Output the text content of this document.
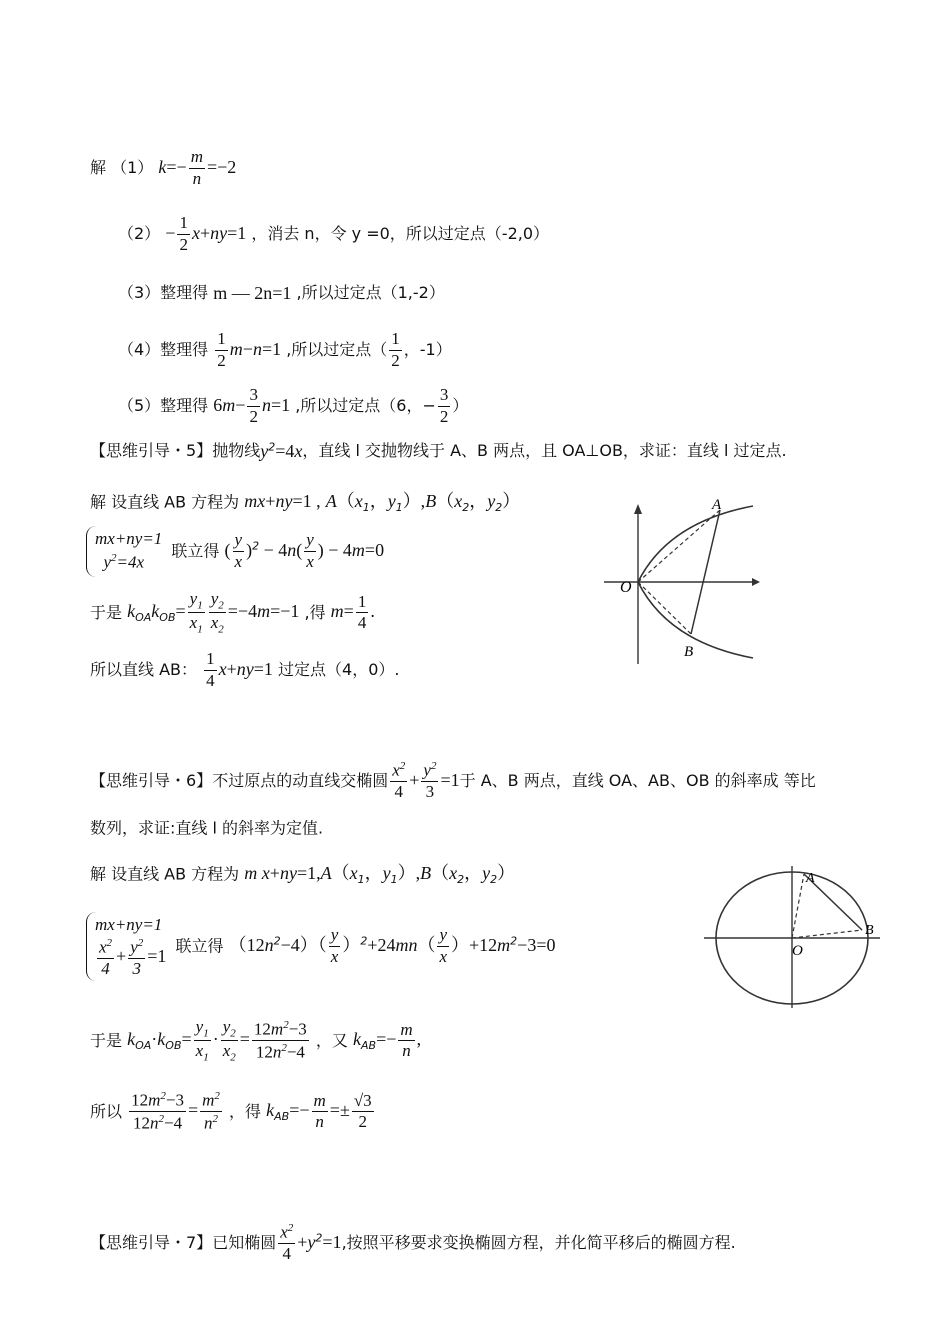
解 （1） $k=- \frac{m}{n} =-2$
$(2) - \frac{1}{2} x+ny=1$ ，消去 n，令 y =0，所以过定点（-2,0）
（3）整理得 m — 2n=1 ,所以过定点（1,-2）
（4）整理得 $\frac{1}{2} m-n=1$ ,所以过定点（ $\frac{1}{2}$ ，-1）
（5）整理得 $6m- \frac{3}{2} n=1$ ,所以过定点（6，− $\frac{3}{2}$ ）
【思维引导・5】抛物线$y^2=4x$，直线 l 交抛物线于 A、B 两点，且 OA⊥OB，求证：直线 l 过定点.
解 设直线 AB 方程为 mx+ny=1 , $A(x_1$，$y_1),B(x_2$，$y_2$）
mx+ny=1
$y^2=4x$
联立得 ( $\frac{y}{x} )^2 - 4n( \frac{y}{x}$ ) − 4m=0
于是 $k_{OA}k_{OB}= \frac{y_1}{x_1} \frac{y_2}{x_2} =-4m=-1$ ,得 $m= \frac{1}{4}$ .
所以直线 AB： $\frac{1}{4} x+ny=1$ 过定点（4，0）.
A
B
O
【思维引导・6】不过原点的动直线交椭圆 $\frac{x^2}{4} + \frac{y^2}{3} =1$于 A、B 两点，直线 OA、AB、OB 的斜率成 等比
数列，求证:直线 l 的斜率为定值.
解 设直线 AB 方程为 m $x+ny=1,A(x_1$，$y_1),B(x_2$，$y_2$）
mx+ny=1
$\frac{x^2}{4} + \frac{y^2}{3} =1$ 联立得 $(12n^2-4)( \frac{y}{x} )^2+24mn( \frac{y}{x} )+12m^2-3=0$
于是 $k_{OA}\cdot k_{OB}= \frac{y_1}{x_1} \cdot \frac{y_2}{x_2} = \frac{12m^2-3}{12n^2-4}$ ，又 $k_{AB}=- \frac{m}{n}$ ,
所以 $\frac{12m^2-3}{12n^2-4} = \frac{m^2}{n^2}$ ，得 $k_{AB}=- \frac{m}{n} =\pm \frac{√3}{2}$
A
B
O
【思维引导・7】已知椭圆 $\frac{x^2}{4} +y^2=1$,按照平移要求变换椭圆方程，并化简平移后的椭圆方程.
